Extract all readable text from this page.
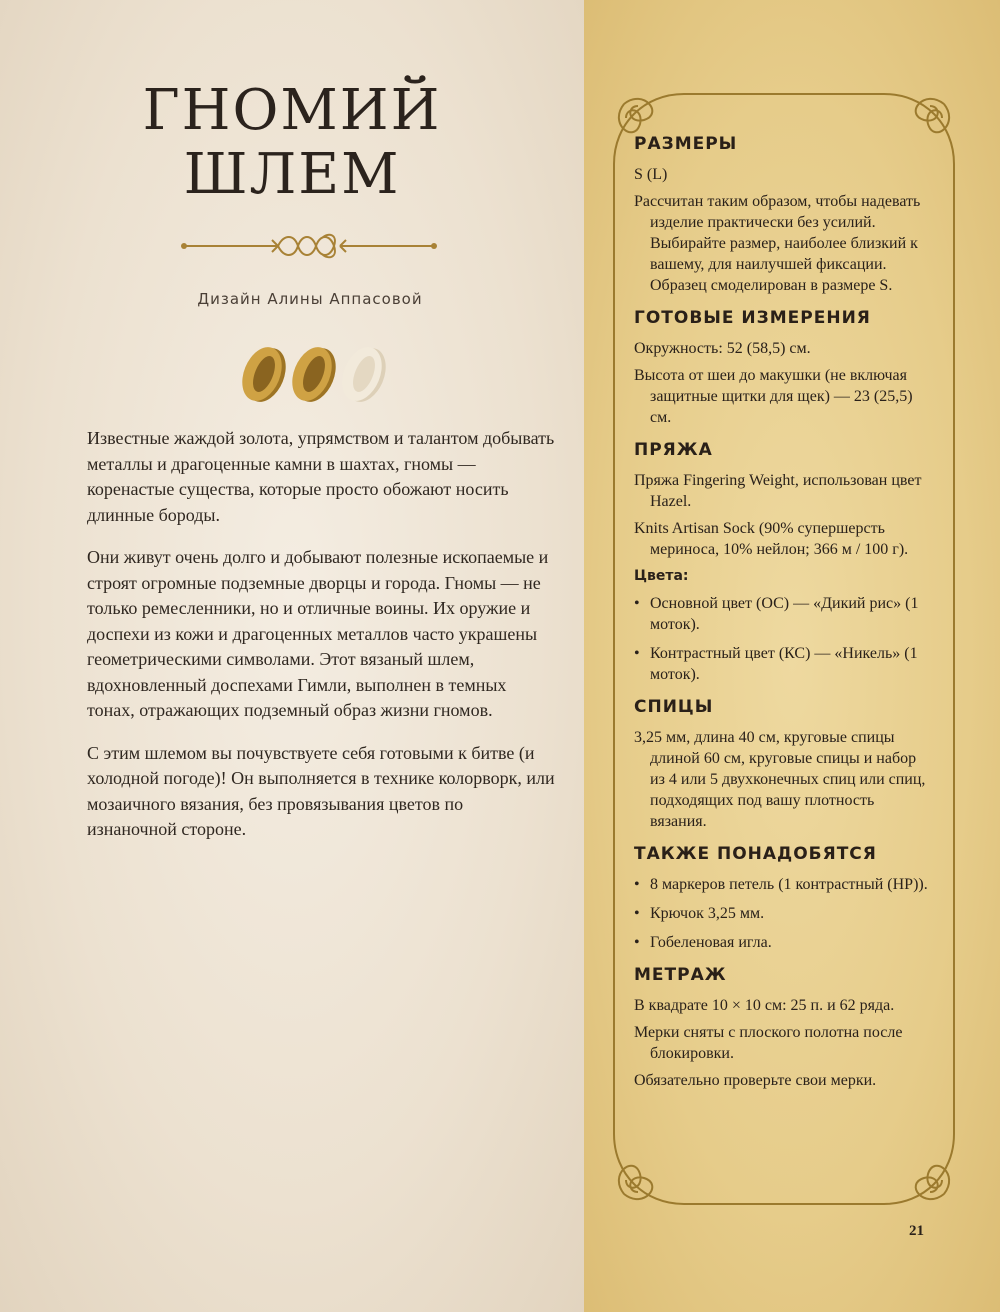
ГНОМИЙ
ШЛЕМ
Дизайн Алины Аппасовой

Известные жаждой золота, упрямством и талантом добывать металлы и драгоценные камни в шахтах, гномы — коренастые существа, которые просто обожают носить длинные бороды.

Они живут очень долго и добывают полезные ископаемые и строят огромные подземные дворцы и города. Гномы — не только ремесленники, но и отличные воины. Их оружие и доспехи из кожи и драгоценных металлов часто украшены геометрическими символами. Этот вязаный шлем, вдохновленный доспехами Гимли, выполнен в темных тонах, отражающих подземный образ жизни гномов.

С этим шлемом вы почувствуете себя готовыми к битве (и холодной погоде)! Он выполняется в технике колорворк, или мозаичного вязания, без провязывания цветов по изнаночной стороне.

РАЗМЕРЫ

S (L)

Рассчитан таким образом, чтобы надевать изделие практически без усилий. Выбирайте размер, наиболее близкий к вашему, для наилучшей фиксации. Образец смоделирован в размере S.

ГОТОВЫЕ ИЗМЕРЕНИЯ

Окружность: 52 (58,5) см.

Высота от шеи до макушки (не включая защитные щитки для щек) — 23 (25,5) см.

ПРЯЖА

Пряжа Fingering Weight, использован цвет Hazel.

Knits Artisan Sock (90% супершерсть мериноса, 10% нейлон; 366 м / 100 г).

Цвета:
• Основной цвет (ОС) — «Дикий рис» (1 моток).
• Контрастный цвет (КС) — «Никель» (1 моток).
СПИЦЫ

3,25 мм, длина 40 см, круговые спицы длиной 60 см, круговые спицы и набор из 4 или 5 двухконечных спиц или спиц, подходящих под вашу плотность вязания.

ТАКЖЕ ПОНАДОБЯТСЯ
• 8 маркеров петель (1 контрастный (НР)).
• Крючок 3,25 мм.
• Гобеленовая игла.
МЕТРАЖ

В квадрате 10 × 10 см: 25 п. и 62 ряда.

Мерки сняты с плоского полотна после блокировки.

Обязательно проверьте свои мерки.

21
